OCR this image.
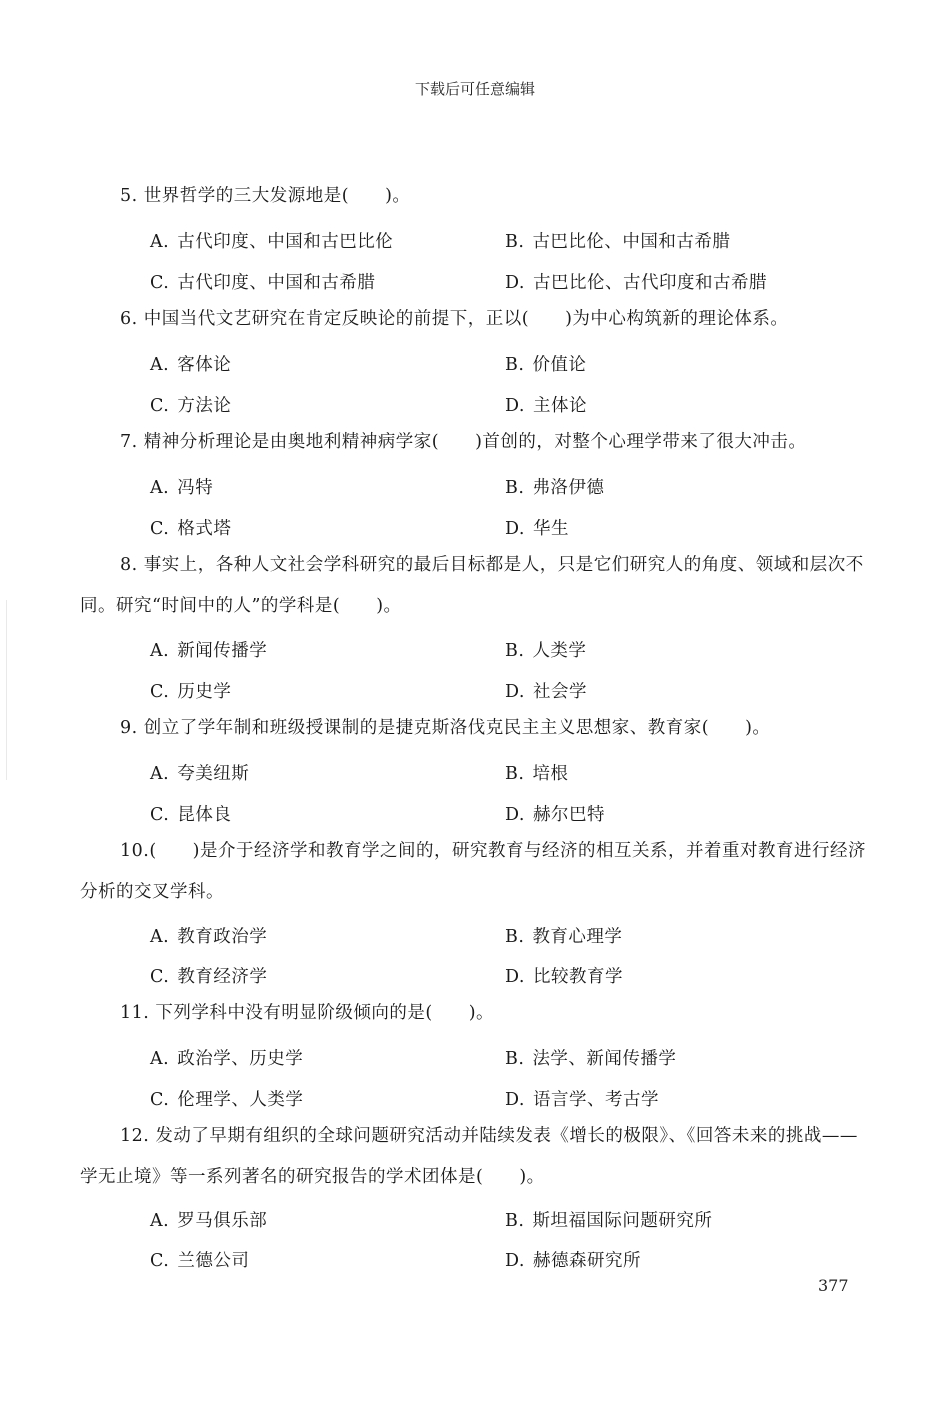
下载后可任意编辑
5. 世界哲学的三大发源地是(　　)。
A. 古代印度、中国和古巴比伦	B. 古巴比伦、中国和古希腊
C. 古代印度、中国和古希腊	D. 古巴比伦、古代印度和古希腊
6. 中国当代文艺研究在肯定反映论的前提下，正以(　　)为中心构筑新的理论体系。
A. 客体论	B. 价值论
C. 方法论	D. 主体论
7. 精神分析理论是由奥地利精神病学家(　　)首创的，对整个心理学带来了很大冲击。
A. 冯特	B. 弗洛伊德
C. 格式塔	D. 华生
8. 事实上，各种人文社会学科研究的最后目标都是人，只是它们研究人的角度、领域和层次不同。研究“时间中的人”的学科是(　　)。
A. 新闻传播学	B. 人类学
C. 历史学	D. 社会学
9. 创立了学年制和班级授课制的是捷克斯洛伐克民主主义思想家、教育家(　　)。
A. 夸美纽斯	B. 培根
C. 昆体良	D. 赫尔巴特
10.(　　)是介于经济学和教育学之间的，研究教育与经济的相互关系，并着重对教育进行经济分析的交叉学科。
A. 教育政治学	B. 教育心理学
C. 教育经济学	D. 比较教育学
11. 下列学科中没有明显阶级倾向的是(　　)。
A. 政治学、历史学	B. 法学、新闻传播学
C. 伦理学、人类学	D. 语言学、考古学
12. 发动了早期有组织的全球问题研究活动并陆续发表《增长的极限》、《回答未来的挑战——学无止境》等一系列著名的研究报告的学术团体是(　　)。
A. 罗马俱乐部	B. 斯坦福国际问题研究所
C. 兰德公司	D. 赫德森研究所
377
